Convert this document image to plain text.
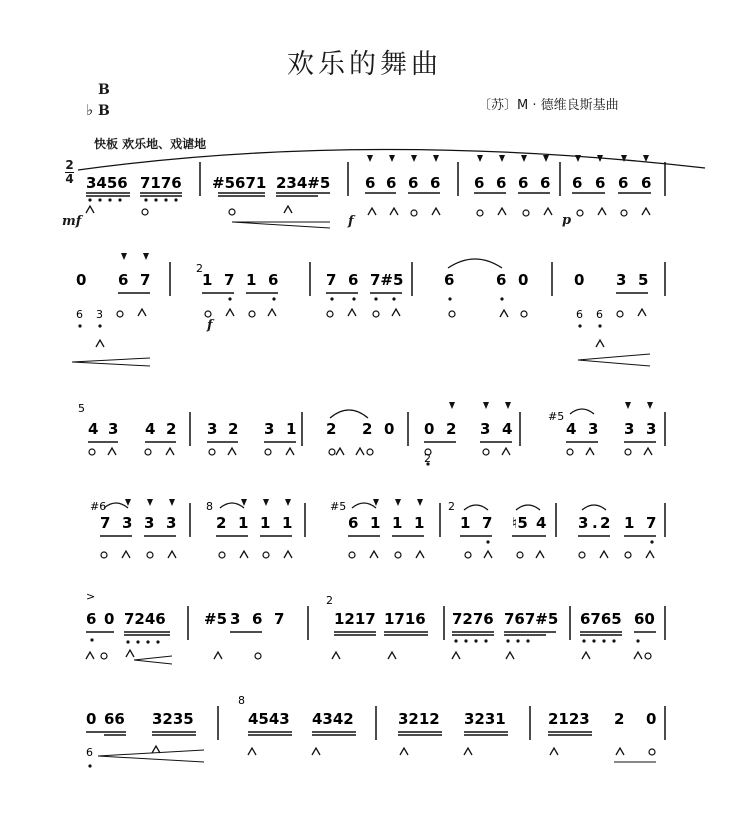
欢乐的舞曲
〔苏〕M · 德维良斯基曲
B
♭ B
快板 欢乐地、戏谑地
2
4
mf	f	p
f
3456 7176 #5671 234#5 6 6 6 6 6 6 6 6 6 6 6 6
0 6 7
2
1 7 1 6	7 6 7#5	6	6 0	0 3 5
6 3	6 6
5
4 3 4 2 3 2 3 1 2 2 0 0 2 3 4
#5
4 3 3 3
2
#6	8	#5	2
7 3 3 3	2 1 1 1	6 1 1 1 1 7 ♮5 4 3 . 2 1 7
>
6 0 7246	#5 3 6 7
2
1217 1716 7276 767#5 6765 60
0 66 3235
8
4543 4342	3212 3231	2123 2 0
6
